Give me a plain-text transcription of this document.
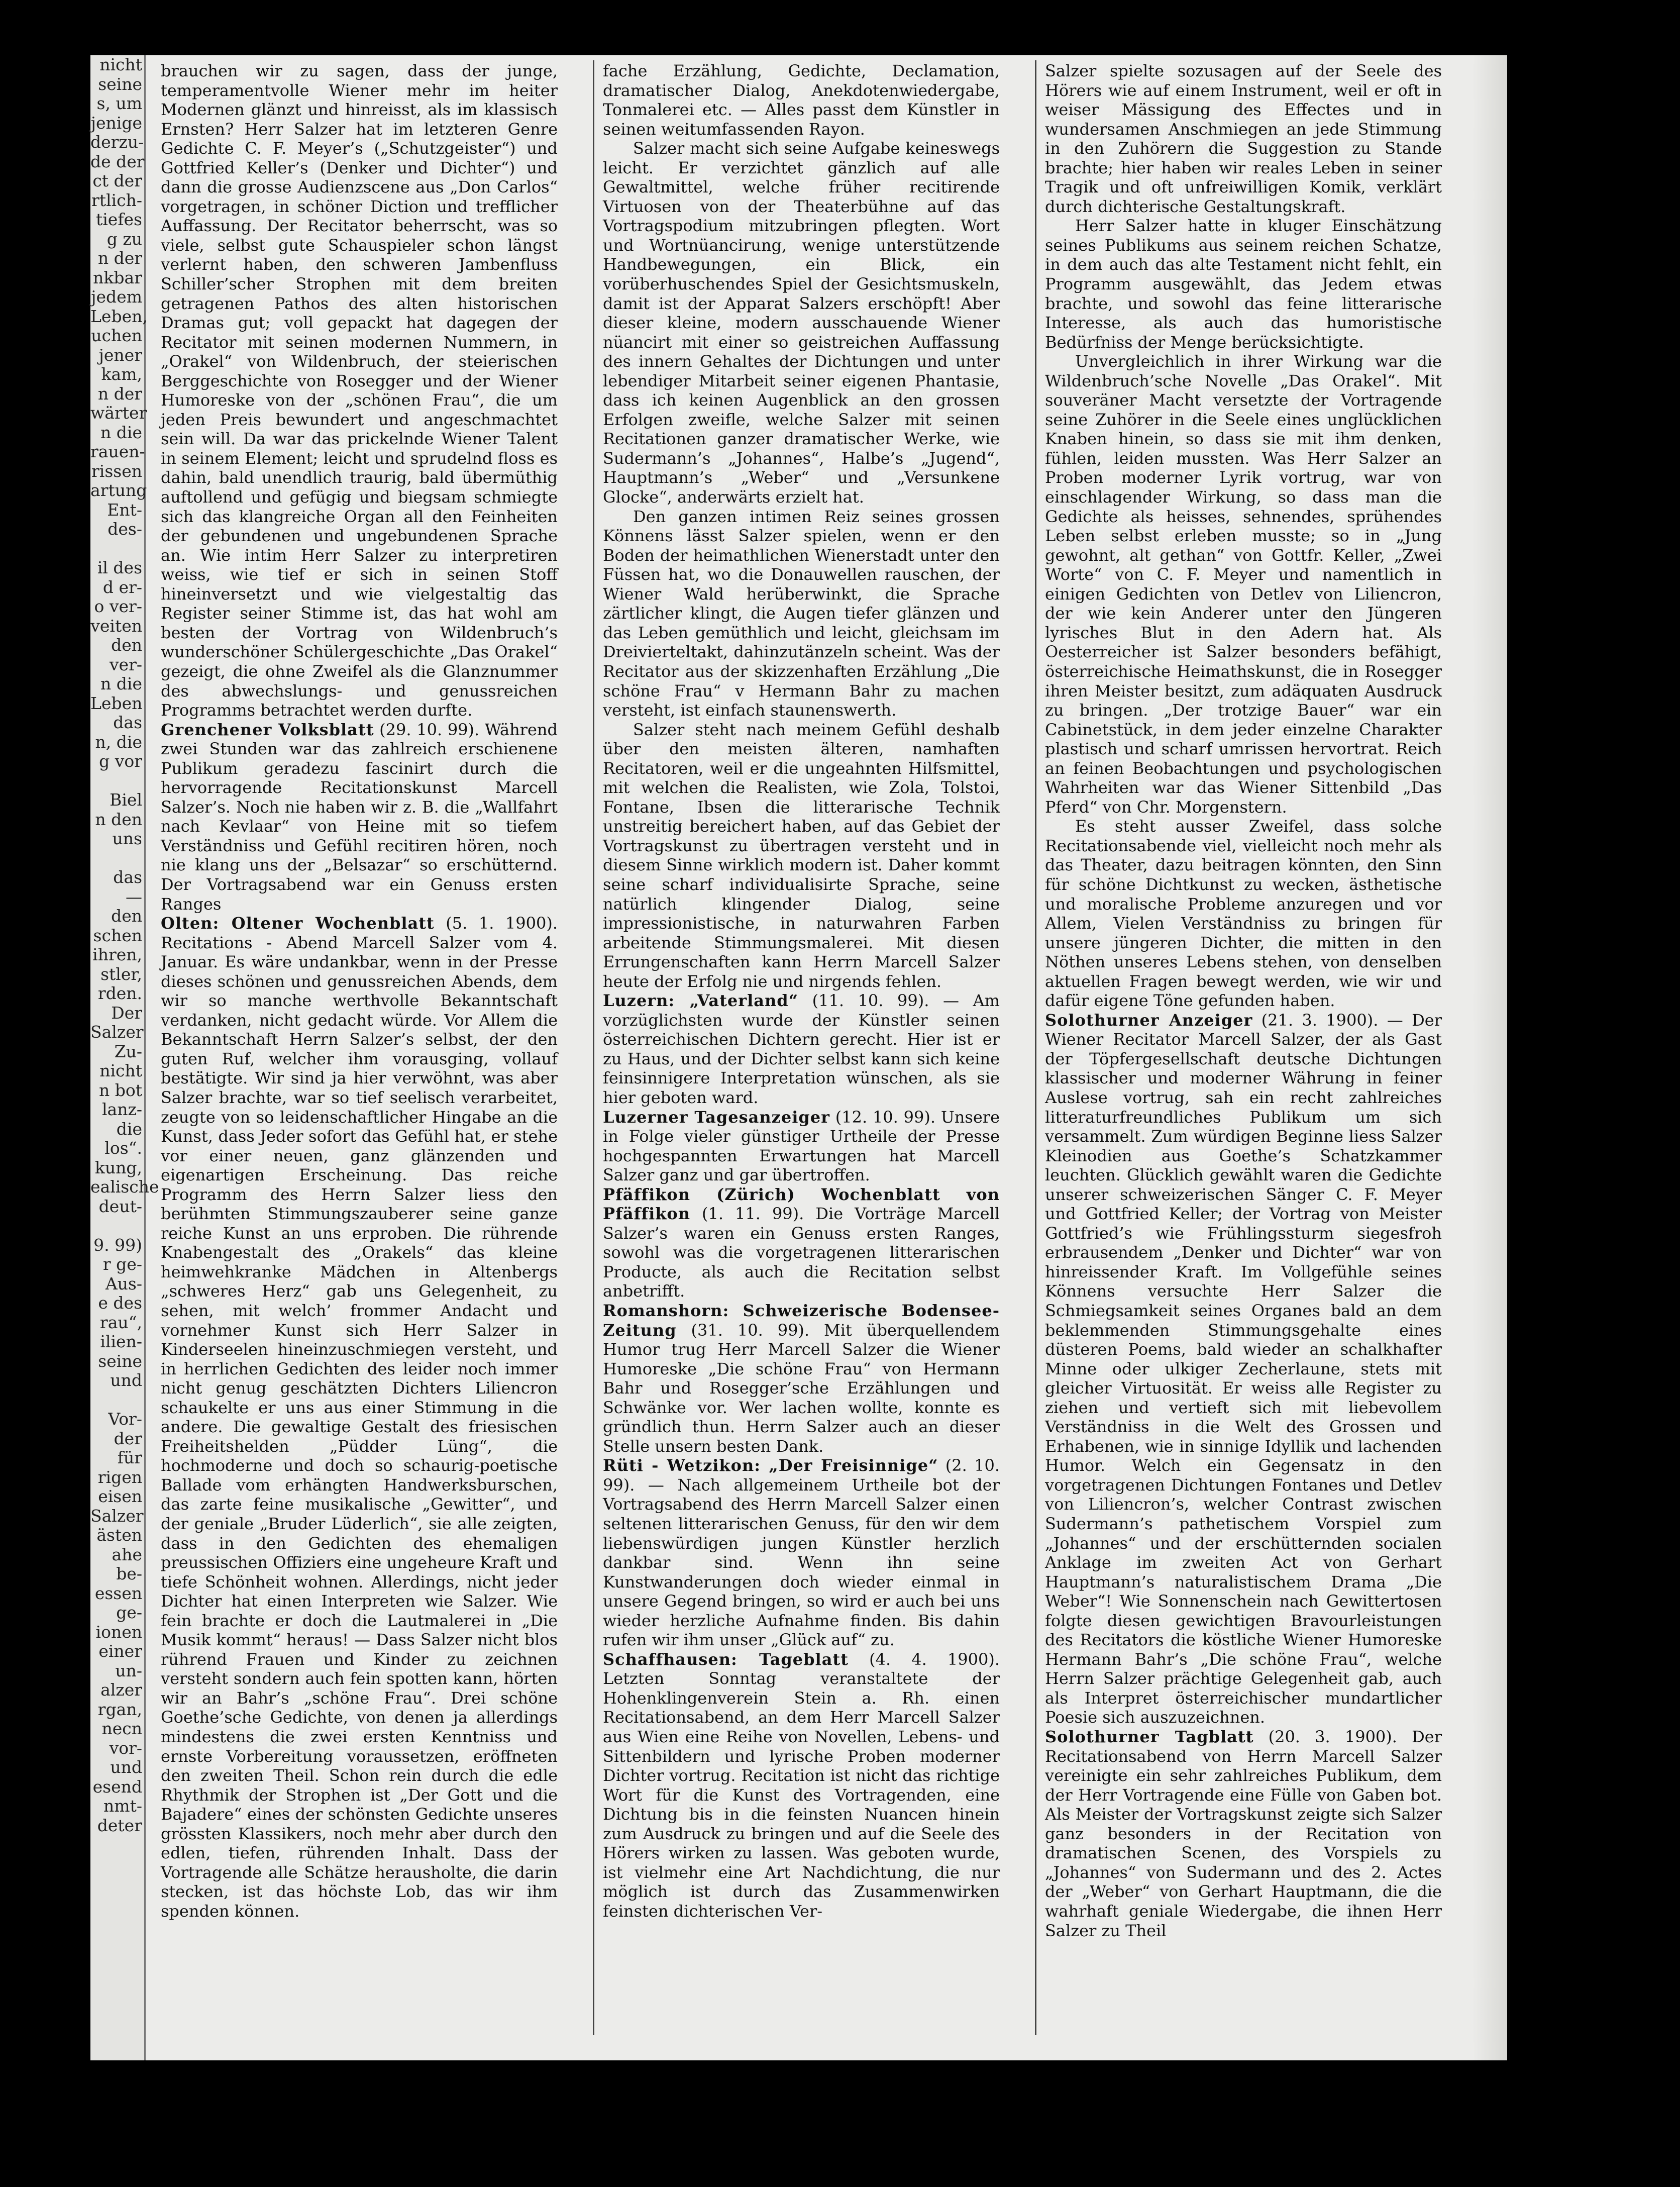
nicht
seine
s, um
jenige
derzu-
de der
ct der
rtlich-
tiefes
g zu
n der
nkbar
jedem
Leben,
uchen
jener
kam,
n der
wärter
n die
rauen-
rissen
artung
Ent-
des-

il des
d er-
o ver-
veiten
den
ver-
n die
Leben
das
n, die
g vor

Biel
n den
uns

das
—
den
schen
ihren,
stler,
rden.
Der
Salzer
Zu-
nicht
n bot
lanz-
die
los“.
kung,
ealische
deut-

9. 99)
r ge-
Aus-
e des
rau“,
ilien-
seine
und

Vor-
der
für
rigen
eisen
Salzer
ästen
ahe
be-
essen
ge-
ionen
einer
un-
alzer
rgan,
necn
vor-
und
esend
nmt-
deter

brauchen wir zu sagen, dass der junge, temperamentvolle Wiener mehr im heiter Modernen glänzt und hinreisst, als im klassisch Ernsten? Herr Salzer hat im letzteren Genre Gedichte C. F. Meyer’s („Schutzgeister“) und Gottfried Keller’s (Denker und Dichter“) und dann die grosse Audienzscene aus „Don Carlos“ vorgetragen, in schöner Diction und trefflicher Auffassung. Der Recitator beherrscht, was so viele, selbst gute Schauspieler schon längst verlernt haben, den schweren Jambenfluss Schiller’scher Strophen mit dem breiten getragenen Pathos des alten historischen Dramas gut; voll gepackt hat dagegen der Recitator mit seinen modernen Nummern, in „Orakel“ von Wildenbruch, der steierischen Berggeschichte von Rosegger und der Wiener Humoreske von der „schönen Frau“, die um jeden Preis bewundert und angeschmachtet sein will. Da war das prickelnde Wiener Talent in seinem Element; leicht und sprudelnd floss es dahin, bald unendlich traurig, bald übermüthig auftollend und gefügig und biegsam schmiegte sich das klangreiche Organ all den Feinheiten der gebundenen und ungebundenen Sprache an. Wie intim Herr Salzer zu interpretiren weiss, wie tief er sich in seinen Stoff hineinversetzt und wie vielgestaltig das Register seiner Stimme ist, das hat wohl am besten der Vortrag von Wildenbruch’s wunderschöner Schülergeschichte „Das Orakel“ gezeigt, die ohne Zweifel als die Glanznummer des abwechslungs- und genussreichen Programms betrachtet werden durfte.

Grenchener Volksblatt (29. 10. 99). Während zwei Stunden war das zahlreich erschienene Publikum geradezu fascinirt durch die hervorragende Recitationskunst Marcell Salzer’s. Noch nie haben wir z. B. die „Wallfahrt nach Kevlaar“ von Heine mit so tiefem Verständniss und Gefühl recitiren hören, noch nie klang uns der „Belsazar“ so erschütternd. Der Vortragsabend war ein Genuss ersten Ranges

Olten: Oltener Wochenblatt (5. 1. 1900). Recitations - Abend Marcell Salzer vom 4. Januar. Es wäre undankbar, wenn in der Presse dieses schönen und genussreichen Abends, dem wir so manche werthvolle Bekanntschaft verdanken, nicht gedacht würde. Vor Allem die Bekanntschaft Herrn Salzer’s selbst, der den guten Ruf, welcher ihm vorausging, vollauf bestätigte. Wir sind ja hier verwöhnt, was aber Salzer brachte, war so tief seelisch verarbeitet, zeugte von so leidenschaftlicher Hingabe an die Kunst, dass Jeder sofort das Gefühl hat, er stehe vor einer neuen, ganz glänzenden und eigenartigen Erscheinung. Das reiche Programm des Herrn Salzer liess den berühmten Stimmungszauberer seine ganze reiche Kunst an uns erproben. Die rührende Knabengestalt des „Orakels“ das kleine heimwehkranke Mädchen in Altenbergs „schweres Herz“ gab uns Gelegenheit, zu sehen, mit welch’ frommer Andacht und vornehmer Kunst sich Herr Salzer in Kinderseelen hineinzuschmiegen versteht, und in herrlichen Gedichten des leider noch immer nicht genug geschätzten Dichters Liliencron schaukelte er uns aus einer Stimmung in die andere. Die gewaltige Gestalt des friesischen Freiheitshelden „Püdder Lüng“, die hochmoderne und doch so schaurig-poetische Ballade vom erhängten Handwerksburschen, das zarte feine musikalische „Gewitter“, und der geniale „Bruder Lüderlich“, sie alle zeigten, dass in den Gedichten des ehemaligen preussischen Offiziers eine ungeheure Kraft und tiefe Schönheit wohnen. Allerdings, nicht jeder Dichter hat einen Interpreten wie Salzer. Wie fein brachte er doch die Lautmalerei in „Die Musik kommt“ heraus! — Dass Salzer nicht blos rührend Frauen und Kinder zu zeichnen versteht sondern auch fein spotten kann, hörten wir an Bahr’s „schöne Frau“. Drei schöne Goethe’sche Gedichte, von denen ja allerdings mindestens die zwei ersten Kenntniss und ernste Vorbereitung voraussetzen, eröffneten den zweiten Theil. Schon rein durch die edle Rhythmik der Strophen ist „Der Gott und die Bajadere“ eines der schönsten Gedichte unseres grössten Klassikers, noch mehr aber durch den edlen, tiefen, rührenden Inhalt. Dass der Vortragende alle Schätze herausholte, die darin stecken, ist das höchste Lob, das wir ihm spenden können.

fache Erzählung, Gedichte, Declamation, dramatischer Dialog, Anekdotenwiedergabe, Tonmalerei etc. — Alles passt dem Künstler in seinen weitumfassenden Rayon.

Salzer macht sich seine Aufgabe keineswegs leicht. Er verzichtet gänzlich auf alle Gewaltmittel, welche früher recitirende Virtuosen von der Theaterbühne auf das Vortragspodium mitzubringen pflegten. Wort und Wortnüancirung, wenige unterstützende Handbewegungen, ein Blick, ein vorüberhuschendes Spiel der Gesichtsmuskeln, damit ist der Apparat Salzers erschöpft! Aber dieser kleine, modern ausschauende Wiener nüancirt mit einer so geistreichen Auffassung des innern Gehaltes der Dichtungen und unter lebendiger Mitarbeit seiner eigenen Phantasie, dass ich keinen Augenblick an den grossen Erfolgen zweifle, welche Salzer mit seinen Recitationen ganzer dramatischer Werke, wie Sudermann’s „Johannes“, Halbe’s „Jugend“, Hauptmann’s „Weber“ und „Versunkene Glocke“, anderwärts erzielt hat.

Den ganzen intimen Reiz seines grossen Könnens lässt Salzer spielen, wenn er den Boden der heimathlichen Wienerstadt unter den Füssen hat, wo die Donauwellen rauschen, der Wiener Wald herüberwinkt, die Sprache zärtlicher klingt, die Augen tiefer glänzen und das Leben gemüthlich und leicht, gleichsam im Dreivierteltakt, dahinzutänzeln scheint. Was der Recitator aus der skizzenhaften Erzählung „Die schöne Frau“ v Hermann Bahr zu machen versteht, ist einfach staunenswerth.

Salzer steht nach meinem Gefühl deshalb über den meisten älteren, namhaften Recitatoren, weil er die ungeahnten Hilfsmittel, mit welchen die Realisten, wie Zola, Tolstoi, Fontane, Ibsen die litterarische Technik unstreitig bereichert haben, auf das Gebiet der Vortragskunst zu übertragen versteht und in diesem Sinne wirklich modern ist. Daher kommt seine scharf individualisirte Sprache, seine natürlich klingender Dialog, seine impressionistische, in naturwahren Farben arbeitende Stimmungsmalerei. Mit diesen Errungenschaften kann Herrn Marcell Salzer heute der Erfolg nie und nirgends fehlen.

Luzern: „Vaterland“ (11. 10. 99). — Am vorzüglichsten wurde der Künstler seinen österreichischen Dichtern gerecht. Hier ist er zu Haus, und der Dichter selbst kann sich keine feinsinnigere Interpretation wünschen, als sie hier geboten ward.

Luzerner Tagesanzeiger (12. 10. 99). Unsere in Folge vieler günstiger Urtheile der Presse hochgespannten Erwartungen hat Marcell Salzer ganz und gar übertroffen.

Pfäffikon (Zürich) Wochenblatt von Pfäffikon (1. 11. 99). Die Vorträge Marcell Salzer’s waren ein Genuss ersten Ranges, sowohl was die vorgetragenen litterarischen Producte, als auch die Recitation selbst anbetrifft.

Romanshorn: Schweizerische Bodensee-Zeitung (31. 10. 99). Mit überquellendem Humor trug Herr Marcell Salzer die Wiener Humoreske „Die schöne Frau“ von Hermann Bahr und Rosegger’sche Erzählungen und Schwänke vor. Wer lachen wollte, konnte es gründlich thun. Herrn Salzer auch an dieser Stelle unsern besten Dank.

Rüti - Wetzikon: „Der Freisinnige“ (2. 10. 99). — Nach allgemeinem Urtheile bot der Vortragsabend des Herrn Marcell Salzer einen seltenen litterarischen Genuss, für den wir dem liebenswürdigen jungen Künstler herzlich dankbar sind. Wenn ihn seine Kunstwanderungen doch wieder einmal in unsere Gegend bringen, so wird er auch bei uns wieder herzliche Aufnahme finden. Bis dahin rufen wir ihm unser „Glück auf“ zu.

Schaffhausen: Tageblatt (4. 4. 1900). Letzten Sonntag veranstaltete der Hohenklingenverein Stein a. Rh. einen Recitationsabend, an dem Herr Marcell Salzer aus Wien eine Reihe von Novellen, Lebens- und Sittenbildern und lyrische Proben moderner Dichter vortrug. Recitation ist nicht das richtige Wort für die Kunst des Vortragenden, eine Dichtung bis in die feinsten Nuancen hinein zum Ausdruck zu bringen und auf die Seele des Hörers wirken zu lassen. Was geboten wurde, ist vielmehr eine Art Nachdichtung, die nur möglich ist durch das Zusammenwirken feinsten dichterischen Ver-

Salzer spielte sozusagen auf der Seele des Hörers wie auf einem Instrument, weil er oft in weiser Mässigung des Effectes und in wundersamen Anschmiegen an jede Stimmung in den Zuhörern die Suggestion zu Stande brachte; hier haben wir reales Leben in seiner Tragik und oft unfreiwilligen Komik, verklärt durch dichterische Gestaltungskraft.

Herr Salzer hatte in kluger Einschätzung seines Publikums aus seinem reichen Schatze, in dem auch das alte Testament nicht fehlt, ein Programm ausgewählt, das Jedem etwas brachte, und sowohl das feine litterarische Interesse, als auch das humoristische Bedürfniss der Menge berücksichtigte.

Unvergleichlich in ihrer Wirkung war die Wildenbruch’sche Novelle „Das Orakel“. Mit souveräner Macht versetzte der Vortragende seine Zuhörer in die Seele eines unglücklichen Knaben hinein, so dass sie mit ihm denken, fühlen, leiden mussten. Was Herr Salzer an Proben moderner Lyrik vortrug, war von einschlagender Wirkung, so dass man die Gedichte als heisses, sehnendes, sprühendes Leben selbst erleben musste; so in „Jung gewohnt, alt gethan“ von Gottfr. Keller, „Zwei Worte“ von C. F. Meyer und namentlich in einigen Gedichten von Detlev von Liliencron, der wie kein Anderer unter den Jüngeren lyrisches Blut in den Adern hat. Als Oesterreicher ist Salzer besonders befähigt, österreichische Heimathskunst, die in Rosegger ihren Meister besitzt, zum adäquaten Ausdruck zu bringen. „Der trotzige Bauer“ war ein Cabinetstück, in dem jeder einzelne Charakter plastisch und scharf umrissen hervortrat. Reich an feinen Beobachtungen und psychologischen Wahrheiten war das Wiener Sittenbild „Das Pferd“ von Chr. Morgenstern.

Es steht ausser Zweifel, dass solche Recitationsabende viel, vielleicht noch mehr als das Theater, dazu beitragen könnten, den Sinn für schöne Dichtkunst zu wecken, ästhetische und moralische Probleme anzuregen und vor Allem, Vielen Verständniss zu bringen für unsere jüngeren Dichter, die mitten in den Nöthen unseres Lebens stehen, von denselben aktuellen Fragen bewegt werden, wie wir und dafür eigene Töne gefunden haben.

Solothurner Anzeiger (21. 3. 1900). — Der Wiener Recitator Marcell Salzer, der als Gast der Töpfergesellschaft deutsche Dichtungen klassischer und moderner Währung in feiner Auslese vortrug, sah ein recht zahlreiches litteraturfreundliches Publikum um sich versammelt. Zum würdigen Beginne liess Salzer Kleinodien aus Goethe’s Schatzkammer leuchten. Glücklich gewählt waren die Gedichte unserer schweizerischen Sänger C. F. Meyer und Gottfried Keller; der Vortrag von Meister Gottfried’s wie Frühlingssturm siegesfroh erbrausendem „Denker und Dichter“ war von hinreissender Kraft. Im Vollgefühle seines Könnens versuchte Herr Salzer die Schmiegsamkeit seines Organes bald an dem beklemmenden Stimmungsgehalte eines düsteren Poems, bald wieder an schalkhafter Minne oder ulkiger Zecherlaune, stets mit gleicher Virtuosität. Er weiss alle Register zu ziehen und vertieft sich mit liebevollem Verständniss in die Welt des Grossen und Erhabenen, wie in sinnige Idyllik und lachenden Humor. Welch ein Gegensatz in den vorgetragenen Dichtungen Fontanes und Detlev von Liliencron’s, welcher Contrast zwischen Sudermann’s pathetischem Vorspiel zum „Johannes“ und der erschütternden socialen Anklage im zweiten Act von Gerhart Hauptmann’s naturalistischem Drama „Die Weber“! Wie Sonnenschein nach Gewittertosen folgte diesen gewichtigen Bravourleistungen des Recitators die köstliche Wiener Humoreske Hermann Bahr’s „Die schöne Frau“, welche Herrn Salzer prächtige Gelegenheit gab, auch als Interpret österreichischer mundartlicher Poesie sich auszuzeichnen.

Solothurner Tagblatt (20. 3. 1900). Der Recitationsabend von Herrn Marcell Salzer vereinigte ein sehr zahlreiches Publikum, dem der Herr Vortragende eine Fülle von Gaben bot. Als Meister der Vortragskunst zeigte sich Salzer ganz besonders in der Recitation von dramatischen Scenen, des Vorspiels zu „Johannes“ von Sudermann und des 2. Actes der „Weber“ von Gerhart Hauptmann, die die wahrhaft geniale Wiedergabe, die ihnen Herr Salzer zu Theil
